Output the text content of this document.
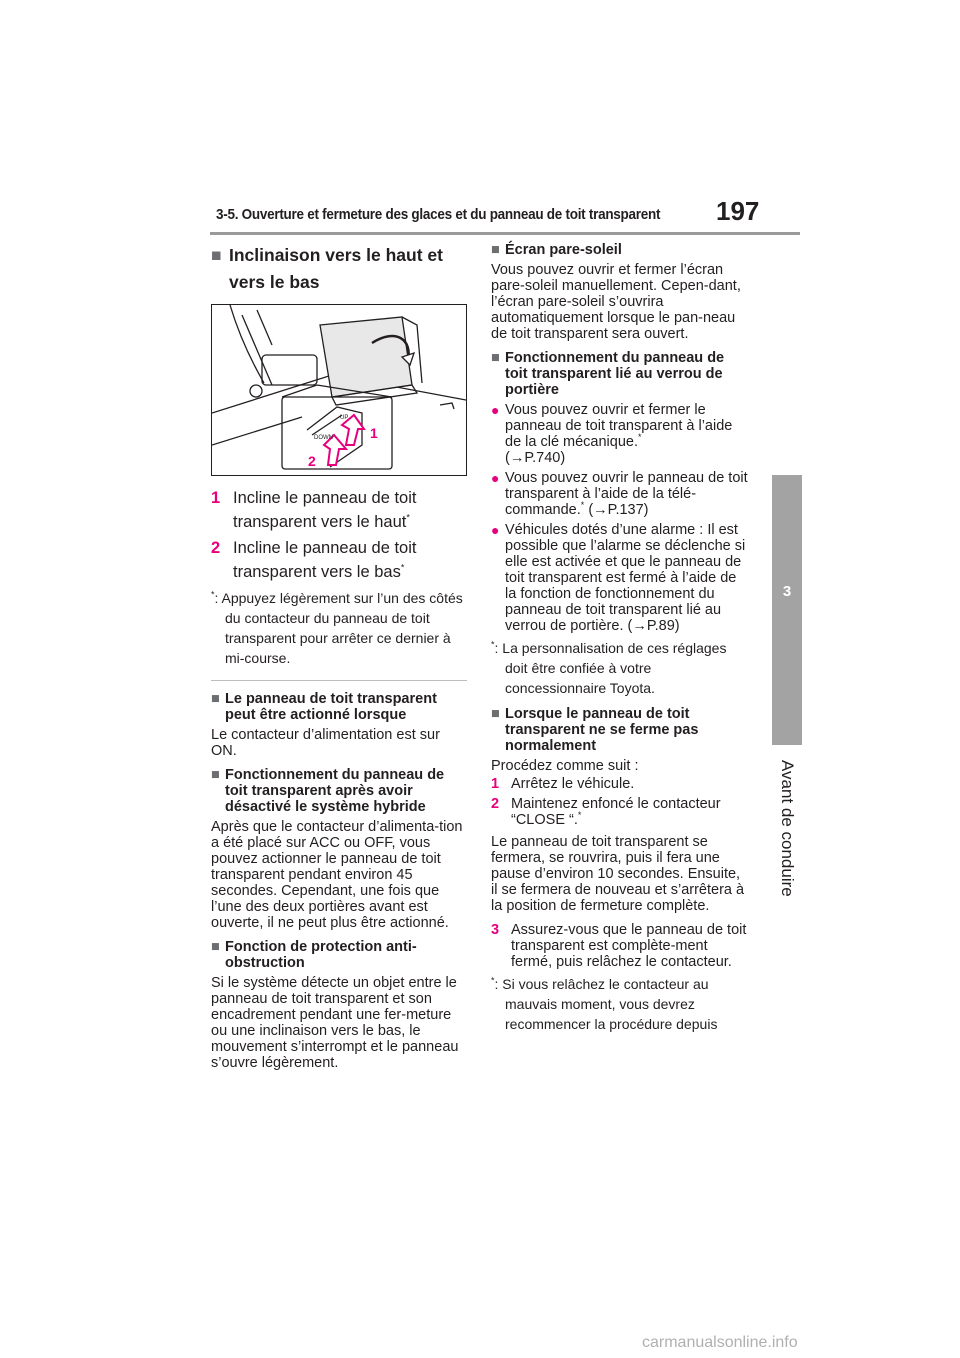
3-5. Ouverture et fermeture des glaces et du panneau de toit transparent 197
3
Avant de conduire
■ Inclinaison vers le haut et vers le bas
1
2
UP
DOWN
1 Incline le panneau de toit transparent vers le haut*
2 Incline le panneau de toit transparent vers le bas*
*: Appuyez légèrement sur l’un des côtés du contacteur du panneau de toit transparent pour arrêter ce dernier à mi-course.
■ Le panneau de toit transparent peut être actionné lorsque
Le contacteur d’alimentation est sur ON.
■ Fonctionnement du panneau de toit transparent après avoir désactivé le système hybride
Après que le contacteur d’alimenta-tion a été placé sur ACC ou OFF, vous pouvez actionner le panneau de toit transparent pendant environ 45 secondes. Cependant, une fois que l’une des deux portières avant est ouverte, il ne peut plus être actionné.
■ Fonction de protection anti-obstruction
Si le système détecte un objet entre le panneau de toit transparent et son encadrement pendant une fer-meture ou une inclinaison vers le bas, le mouvement s’interrompt et le panneau s’ouvre légèrement.
■ Écran pare-soleil
Vous pouvez ouvrir et fermer l’écran pare-soleil manuellement. Cepen-dant, l’écran pare-soleil s’ouvrira automatiquement lorsque le pan-neau de toit transparent sera ouvert.
■ Fonctionnement du panneau de toit transparent lié au verrou de portière
● Vous pouvez ouvrir et fermer le panneau de toit transparent à l’aide de la clé mécanique.*
(→P.740)
● Vous pouvez ouvrir le panneau de toit transparent à l’aide de la télé-commande.* (→P.137)
● Véhicules dotés d’une alarme : Il est possible que l’alarme se déclenche si elle est activée et que le panneau de toit transparent est fermé à l’aide de la fonction de fonctionnement du panneau de toit transparent lié au verrou de portière. (→P.89)
*: La personnalisation de ces réglages doit être confiée à votre concessionnaire Toyota.
■ Lorsque le panneau de toit transparent ne se ferme pas normalement
Procédez comme suit :
1 Arrêtez le véhicule.
2 Maintenez enfoncé le contacteur “CLOSE “.*
Le panneau de toit transparent se fermera, se rouvrira, puis il fera une pause d’environ 10 secondes. Ensuite, il se fermera de nouveau et s’arrêtera à la position de fermeture complète.
3 Assurez-vous que le panneau de toit transparent est complète-ment fermé, puis relâchez le contacteur.
*: Si vous relâchez le contacteur au mauvais moment, vous devrez recommencer la procédure depuis
carmanualsonline.info
